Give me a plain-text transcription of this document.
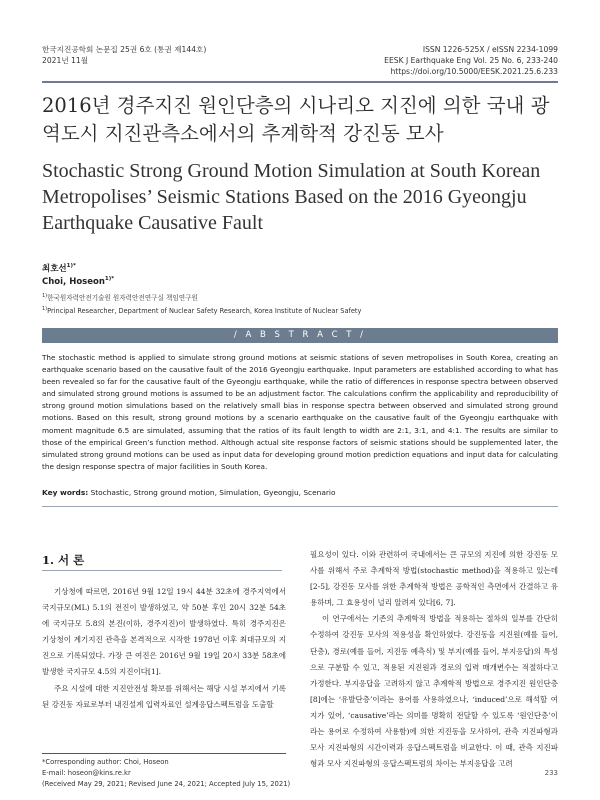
한국지진공학회 논문집 25권 6호 (통권 제144호)
2021년 11월
ISSN 1226-525X / eISSN 2234-1099
EESK J Earthquake Eng Vol. 25 No. 6, 233-240
https://doi.org/10.5000/EESK.2021.25.6.233
2016년 경주지진 원인단층의 시나리오 지진에 의한 국내 광역도시 지진관측소에서의 추계학적 강진동 모사
Stochastic Strong Ground Motion Simulation at South Korean Metropolises’ Seismic Stations Based on the 2016 Gyeongju Earthquake Causative Fault
최호선$^{1)*}$
Choi, Hoseon$^{1)*}$
$^{1)}$한국원자력안전기술원 원자력안전연구실 책임연구원
$^{1)}$Principal Researcher, Department of Nuclear Safety Research, Korea Institute of Nuclear Safety
/ A B S T R A C T /
The stochastic method is applied to simulate strong ground motions at seismic stations of seven metropolises in South Korea, creating an earthquake scenario based on the causative fault of the 2016 Gyeongju earthquake. Input parameters are established according to what has been revealed so far for the causative fault of the Gyeongju earthquake, while the ratio of differences in response spectra between observed and simulated strong ground motions is assumed to be an adjustment factor. The calculations confirm the applicability and reproducibility of strong ground motion simulations based on the relatively small bias in response spectra between observed and simulated strong ground motions. Based on this result, strong ground motions by a scenario earthquake on the causative fault of the Gyeongju earthquake with moment magnitude 6.5 are simulated, assuming that the ratios of its fault length to width are 2:1, 3:1, and 4:1. The results are similar to those of the empirical Green’s function method. Although actual site response factors of seismic stations should be supplemented later, the simulated strong ground motions can be used as input data for developing ground motion prediction equations and input data for calculating the design response spectra of major facilities in South Korea.
Key words: Stochastic, Strong ground motion, Simulation, Gyeongju, Scenario
1. 서 론

기상청에 따르면, 2016년 9월 12일 19시 44분 32초에 경주지역에서 국지규모(ML) 5.1의 전진이 발생하였고, 약 50분 후인 20시 32분 54초에 국지규모 5.8의 본진(이하, 경주지진)이 발생하였다. 특히 경주지진은 기상청이 계기지진 관측을 본격적으로 시작한 1978년 이후 최대규모의 지진으로 기록되었다. 가장 큰 여진은 2016년 9월 19일 20시 33분 58초에 발생한 국지규모 4.5의 지진이다[1].

주요 시설에 대한 지진안전성 확보를 위해서는 해당 시설 부지에서 기록된 강진동 자료로부터 내진설계 입력자료인 설계응답스펙트럼을 도출할

필요성이 있다. 이와 관련하여 국내에서는 큰 규모의 지진에 의한 강진동 모사를 위해서 주로 추계학적 방법(stochastic method)을 적용하고 있는데[2-5], 강진동 모사를 위한 추계학적 방법은 공학적인 측면에서 간결하고 유용하며, 그 효용성이 널리 알려져 있다[6, 7].

이 연구에서는 기존의 추계학적 방법을 적용하는 절차의 일부를 간단히 수정하여 강진동 모사의 적용성을 확인하였다. 강진동을 지진원(예를 들어, 단층), 경로(예를 들어, 지진동 예측식) 및 부지(예를 들어, 부지응답)의 특성으로 구분할 수 있고, 적용된 지진원과 경로의 입력 매개변수는 적절하다고 가정한다. 부지응답을 고려하지 않고 추계학적 방법으로 경주지진 원인단층[8]에는 ‘유발단층’이라는 용어를 사용하였으나, ‘induced’으로 해석할 여지가 있어, ‘causative’라는 의미를 명확히 전달할 수 있도록 ‘원인단층’이라는 용어로 수정하여 사용함)에 의한 지진동을 모사하여, 관측 지진파형과 모사 지진파형의 시간이력과 응답스펙트럼을 비교한다. 이 때, 관측 지진파형과 모사 지진파형의 응답스펙트럼의 차이는 부지응답을 고려

*Corresponding author: Choi, Hoseon
E-mail: hoseon@kins.re.kr
(Received May 29, 2021; Revised June 24, 2021; Accepted July 15, 2021)
233
